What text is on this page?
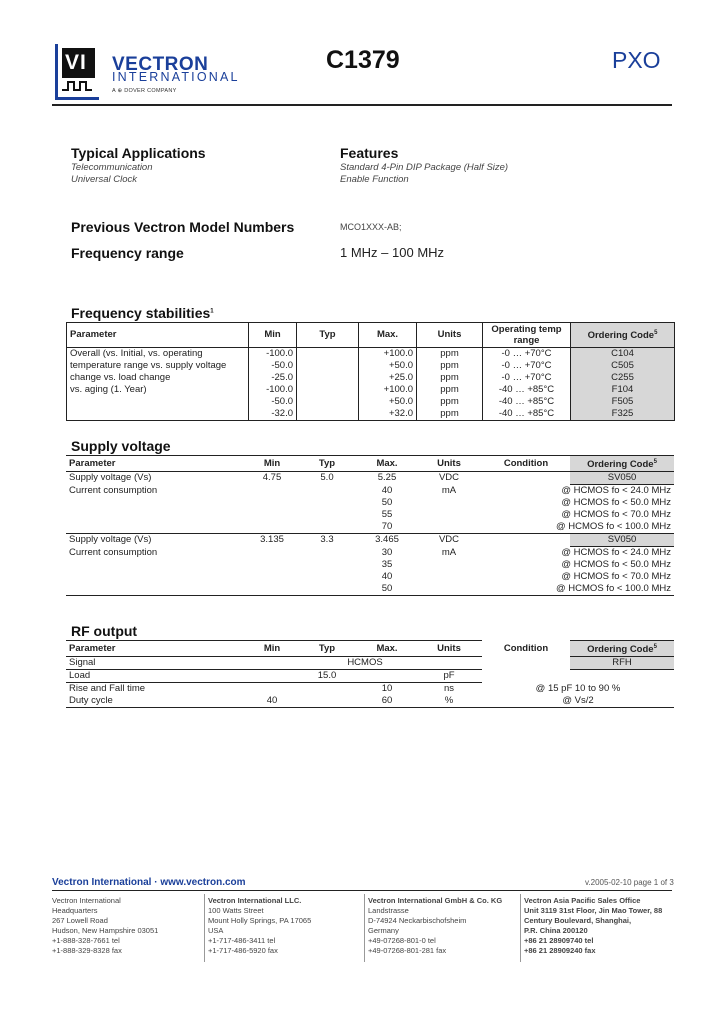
VI VECTRON
INTERNATIONAL
A ⊕ DOVER COMPANY
C1379	PXO
Typical Applications
Telecommunication
Universal Clock
Features
Standard 4-Pin DIP Package (Half Size)
Enable Function
Previous Vectron Model Numbers	MCO1XXX-AB;
Frequency range	1 MHz – 100 MHz
Frequency stabilities$^1$
Parameter	Min	Typ	Max.	Units	Operating temp
range	Ordering Code$^5$
Overall (vs. Initial, vs. operating	-100.0		+100.0	ppm	-0 … +70°C	C104
temperature range vs. supply voltage	-50.0		+50.0	ppm	-0 … +70°C	C505
change vs. load change	-25.0		+25.0	ppm	-0 … +70°C	C255
vs. aging (1. Year)	-100.0		+100.0	ppm	-40 … +85°C	F104
	-50.0		+50.0	ppm	-40 … +85°C	F505
	-32.0		+32.0	ppm	-40 … +85°C	F325
Supply voltage
Parameter	Min	Typ	Max.	Units	Condition	Ordering Code$^5$
Supply voltage (Vs)	4.75	5.0	5.25	VDC		SV050
Current consumption			40	mA	@ HCMOS fo < 24.0 MHz	
			50		@ HCMOS fo < 50.0 MHz	
			55		@ HCMOS fo < 70.0 MHz	
			70		@ HCMOS fo < 100.0 MHz	
Supply voltage (Vs)	3.135	3.3	3.465	VDC		SV050
Current consumption			30	mA	@ HCMOS fo < 24.0 MHz	
			35		@ HCMOS fo < 50.0 MHz	
			40		@ HCMOS fo < 70.0 MHz	
			50		@ HCMOS fo < 100.0 MHz	
RF output
Parameter	Min	Typ	Max.	Units	Condition	Ordering Code$^5$
Signal	HCMOS					RFH
Load		15.0		pF		
Rise and Fall time			10	ns	@ 15 pF 10 to 90 %	
Duty cycle	40		60	%	@ Vs/2	
Vectron International · www.vectron.com	v.2005-02-10 page 1 of 3
Vectron International
Headquarters
267 Lowell Road
Hudson, New Hampshire 03051
+1-888-328-7661 tel
+1-888-329-8328 fax
Vectron International LLC.
100 Watts Street
Mount Holly Springs, PA 17065
USA
+1-717-486-3411 tel
+1-717-486-5920 fax
Vectron International GmbH & Co. KG
Landstrasse
D-74924 Neckarbischofsheim
Germany
+49-07268-801-0 tel
+49-07268-801-281 fax
Vectron Asia Pacific Sales Office
Unit 3119 31st Floor, Jin Mao Tower, 88
Century Boulevard, Shanghai,
P.R. China 200120
+86 21 28909740 tel
+86 21 28909240 fax
